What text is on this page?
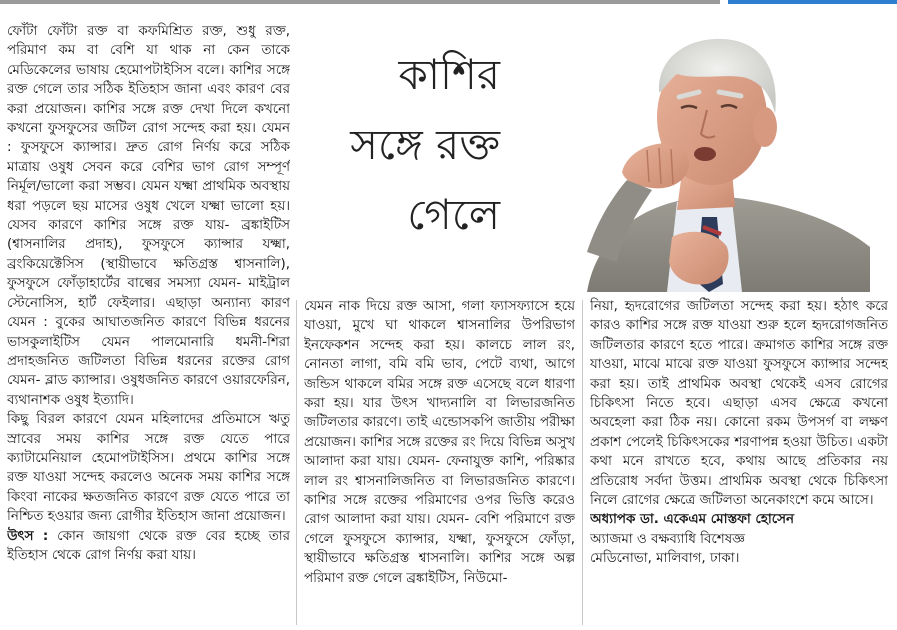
ফোঁটা ফোঁটা রক্ত বা কফমিশ্রিত রক্ত, শুধু রক্ত, পরিমাণ কম বা বেশি যা থাক না কেন তাকে মেডিকেলের ভাষায় হেমোপটাইসিস বলে। কাশির সঙ্গে রক্ত গেলে তার সঠিক ইতিহাস জানা এবং কারণ বের করা প্রয়োজন। কাশির সঙ্গে রক্ত দেখা দিলে কখনো কখনো ফুসফুসের জটিল রোগ সন্দেহ করা হয়। যেমন : ফুসফুসে ক্যান্সার। দ্রুত রোগ নির্ণয় করে সঠিক মাত্রায় ওষুধ সেবন করে বেশির ভাগ রোগ সম্পূর্ণ নির্মূল/ভালো করা সম্ভব। যেমন যক্ষ্মা প্রাথমিক অবস্থায় ধরা পড়লে ছয় মাসের ওষুধ খেলে যক্ষ্মা ভালো হয়। যেসব কারণে কাশির সঙ্গে রক্ত যায়- ব্রঙ্কাইটিস (শ্বাসনালির প্রদাহ), ফুসফুসে ক্যান্সার যক্ষ্মা, ব্রংকিয়েক্টেসিস (স্থায়ীভাবে ক্ষতিগ্রস্ত শ্বাসনালি), ফুসফুসে ফোঁড়াহার্টের বাল্বের সমস্যা যেমন- মাইট্রাল স্টেনোসিস, হার্ট ফেইলার। এছাড়া অন্যান্য কারণ যেমন : বুকের আঘাতজনিত কারণে বিভিন্ন ধরনের ভাসকুলাইটিস যেমন পালমোনারি ধমনী-শিরা প্রদাহজনিত জটিলতা বিভিন্ন ধরনের রক্তের রোগ যেমন- ব্লাড ক্যান্সার। ওষুধজনিত কারণে ওয়ারফেরিন, ব্যথানাশক ওষুধ ইত্যাদি।

কিছু বিরল কারণে যেমন মহিলাদের প্রতিমাসে ঋতু স্রাবের সময় কাশির সঙ্গে রক্ত যেতে পারে ক্যাটামেনিয়াল হেমোপটাইসিস। প্রথমে কাশির সঙ্গে রক্ত যাওয়া সন্দেহ করলেও অনেক সময় কাশির সঙ্গে কিংবা নাকের ক্ষতজনিত কারণে রক্ত যেতে পারে তা নিশ্চিত হওয়ার জন্য রোগীর ইতিহাস জানা প্রয়োজন।

উৎস : কোন জায়গা থেকে রক্ত বের হচ্ছে তার ইতিহাস থেকে রোগ নির্ণয় করা যায়।

কাশির
সঙ্গে রক্ত
গেলে

যেমন নাক দিয়ে রক্ত আসা, গলা ফ্যাসফ্যাসে হয়ে যাওয়া, মুখে ঘা থাকলে শ্বাসনালির উপরিভাগ ইনফেকশন সন্দেহ করা হয়। কালচে লাল রং, নোনতা লাগা, বমি বমি ভাব, পেটে ব্যথা, আগে জন্ডিস থাকলে বমির সঙ্গে রক্ত এসেছে বলে ধারণা করা হয়। যার উৎস খাদ্যনালি বা লিভারজনিত জটিলতার কারণে। তাই এন্ডোসকপি জাতীয় পরীক্ষা প্রয়োজন। কাশির সঙ্গে রক্তের রং দিয়ে বিভিন্ন অসুখ আলাদা করা যায়। যেমন- ফেনাযুক্ত কাশি, পরিষ্কার লাল রং শ্বাসনালিজনিত বা লিভারজনিত কারণে। কাশির সঙ্গে রক্তের পরিমাণের ওপর ভিত্তি করেও রোগ আলাদা করা যায়। যেমন- বেশি পরিমাণে রক্ত গেলে ফুসফুসে ক্যান্সার, যক্ষ্মা, ফুসফুসে ফোঁড়া, স্থায়ীভাবে ক্ষতিগ্রস্ত শ্বাসনালি। কাশির সঙ্গে অল্প পরিমাণ রক্ত গেলে ব্রঙ্কাইটিস, নিউমো-

নিয়া, হৃদরোগের জটিলতা সন্দেহ করা হয়। হঠাৎ করে কারও কাশির সঙ্গে রক্ত যাওয়া শুরু হলে হৃদরোগজনিত জটিলতার কারণে হতে পারে। ক্রমাগত কাশির সঙ্গে রক্ত যাওয়া, মাঝে মাঝে রক্ত যাওয়া ফুসফুসে ক্যান্সার সন্দেহ করা হয়। তাই প্রাথমিক অবস্থা থেকেই এসব রোগের চিকিৎসা নিতে হবে। এছাড়া এসব ক্ষেত্রে কখনো অবহেলা করা ঠিক নয়। কোনো রকম উপসর্গ বা লক্ষণ প্রকাশ পেলেই চিকিৎসকের শরণাপন্ন হওয়া উচিত। একটা কথা মনে রাখতে হবে, কথায় আছে প্রতিকার নয় প্রতিরোধ সর্বদা উত্তম। প্রাথমিক অবস্থা থেকে চিকিৎসা নিলে রোগের ক্ষেত্রে জটিলতা অনেকাংশে কমে আসে।

অধ্যাপক ডা. একেএম মোস্তফা হোসেন

অ্যাজমা ও বক্ষব্যাধি বিশেষজ্ঞ

মেডিনোভা, মালিবাগ, ঢাকা।
